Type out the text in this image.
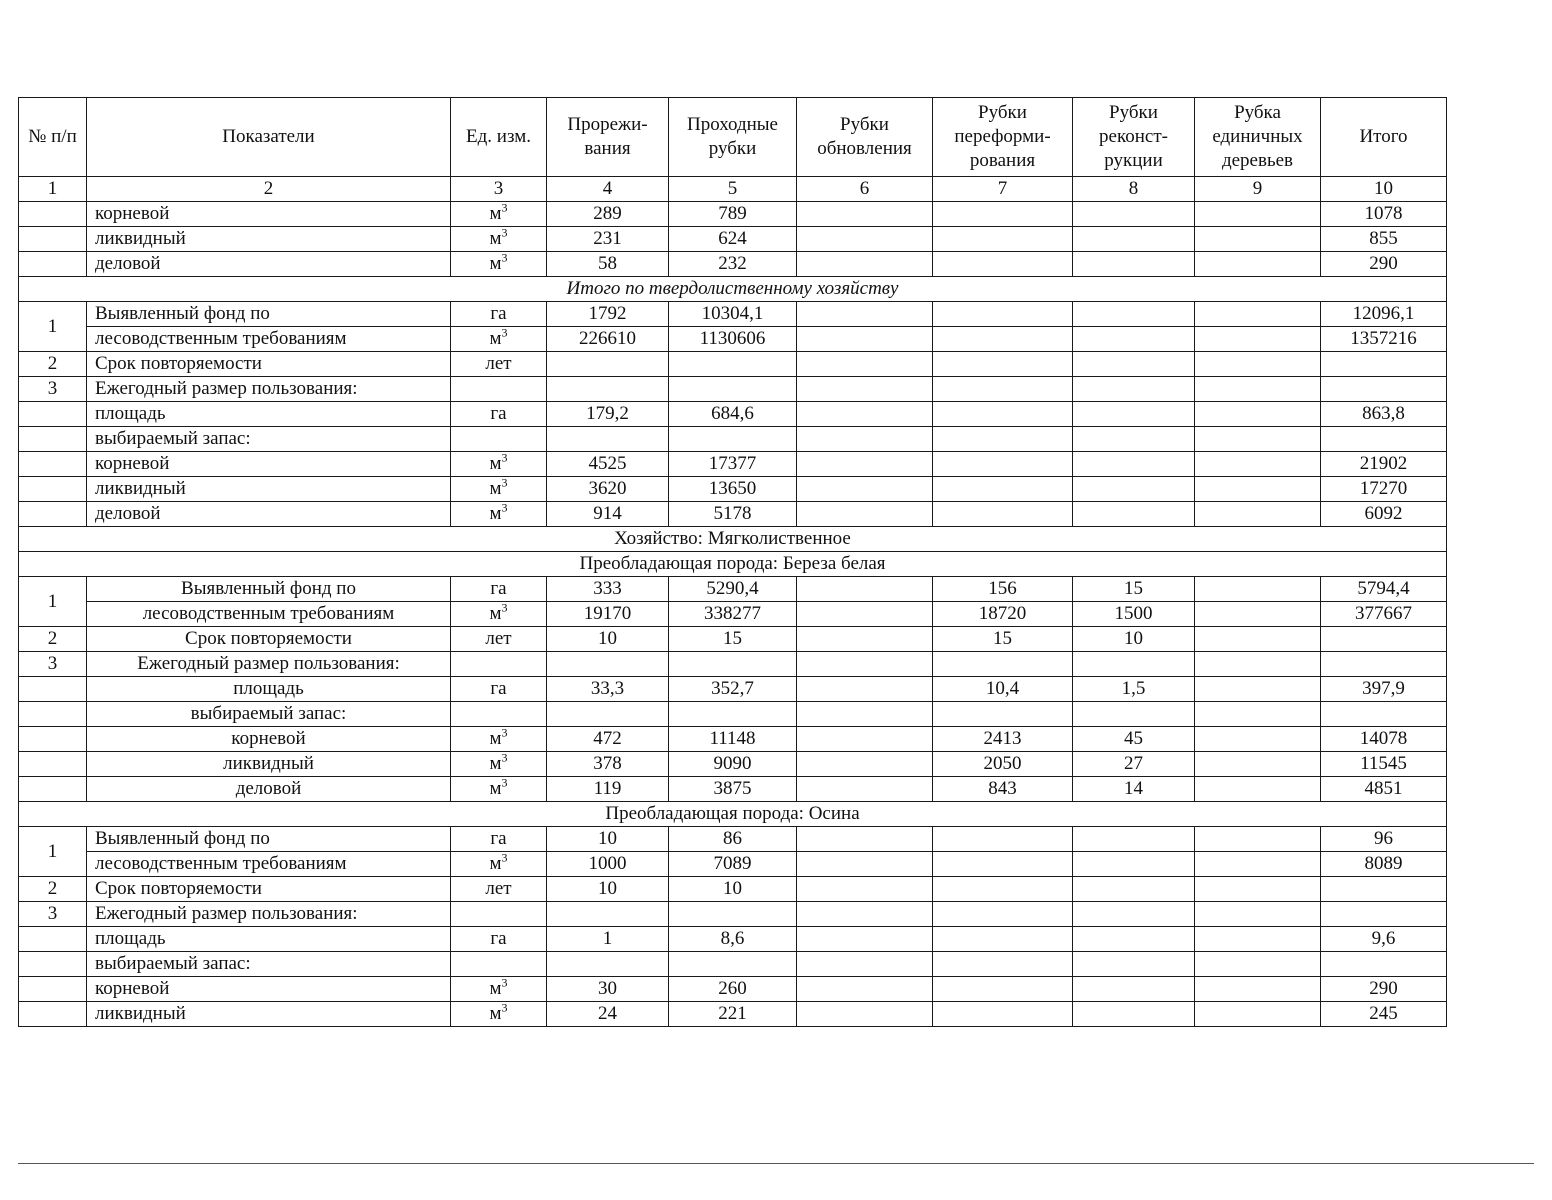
№ п/п	Показатели	Ед. изм.	Прорежи-вания	Проходные рубки	Рубки обновления	Рубки переформи-рования	Рубки реконст-рукции	Рубка единичных деревьев	Итого
1	2	3	4	5	6	7	8	9	10
	корневой	$м^3$	289	789					1078
	ликвидный	$м^3$	231	624					855
	деловой	$м^3$	58	232					290
Итого по твердолиственному хозяйству									
1	Выявленный фонд по	га	1792	10304,1					12096,1
	лесоводственным требованиям	$м^3$	226610	1130606					1357216
2	Срок повторяемости	лет							
3	Ежегодный размер пользования:								
	площадь	га	179,2	684,6					863,8
	выбираемый запас:								
	корневой	$м^3$	4525	17377					21902
	ликвидный	$м^3$	3620	13650					17270
	деловой	$м^3$	914	5178					6092
Хозяйство: Мягколиственное									
Преобладающая порода: Береза белая									
1	Выявленный фонд по	га	333	5290,4		156	15		5794,4
	лесоводственным требованиям	$м^3$	19170	338277		18720	1500		377667
2	Срок повторяемости	лет	10	15		15	10		
3	Ежегодный размер пользования:								
	площадь	га	33,3	352,7		10,4	1,5		397,9
	выбираемый запас:								
	корневой	$м^3$	472	11148		2413	45		14078
	ликвидный	$м^3$	378	9090		2050	27		11545
	деловой	$м^3$	119	3875		843	14		4851
Преобладающая порода: Осина									
1	Выявленный фонд по	га	10	86					96
	лесоводственным требованиям	$м^3$	1000	7089					8089
2	Срок повторяемости	лет	10	10					
3	Ежегодный размер пользования:								
	площадь	га	1	8,6					9,6
	выбираемый запас:								
	корневой	$м^3$	30	260					290
	ликвидный	$м^3$	24	221					245
